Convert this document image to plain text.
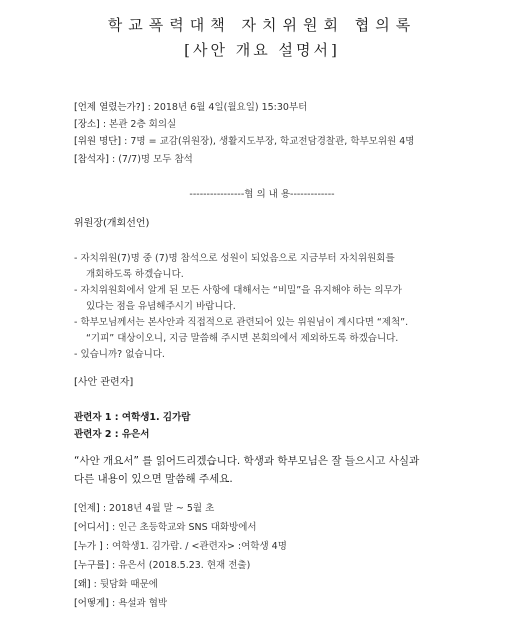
학교폭력대책 자치위원회 협의록
[사안 개요 설명서]
[언제 열렸는가?] : 2018년 6월 4일(월요일) 15:30부터
[장소] : 본관 2층 회의실
[위원 명단] : 7명 = 교감(위원장), 생활지도부장, 학교전담경찰관, 학부모위원 4명
[참석자] : (7/7)명 모두 참석
----------------협 의 내 용-------------
위원장(개회선언)
- 자치위원(7)명 중 (7)명 참석으로 성원이 되었음으로 지금부터 자치위원회를
개회하도록 하겠습니다.
- 자치위원회에서 알게 된 모든 사항에 대해서는 “비밀”을 유지해야 하는 의무가
있다는 점을 유념해주시기 바랍니다.
- 학부모님께서는 본사안과 직접적으로 관련되어 있는 위원님이 계시다면 “제척”.
“기피” 대상이오니, 지금 말씀해 주시면 본회의에서 제외하도록 하겠습니다.
- 있습니까? 없습니다.
[사안 관련자]
관련자 1 : 여학생1. 김가람
관련자 2 : 유은서
“사안 개요서” 를 읽어드리겠습니다. 학생과 학부모님은 잘 들으시고 사실과
다른 내용이 있으면 말씀해 주세요.
[언제] : 2018년 4월 말 ~ 5월 초
[어디서] : 인근 초등학교와 SNS 대화방에서
[누가 ] : 여학생1. 김가람. / <관련자> :여학생 4명
[누구를] : 유은서 (2018.5.23. 현재 전출)
[왜] : 뒷담화 때문에
[어떻게] : 욕설과 협박
